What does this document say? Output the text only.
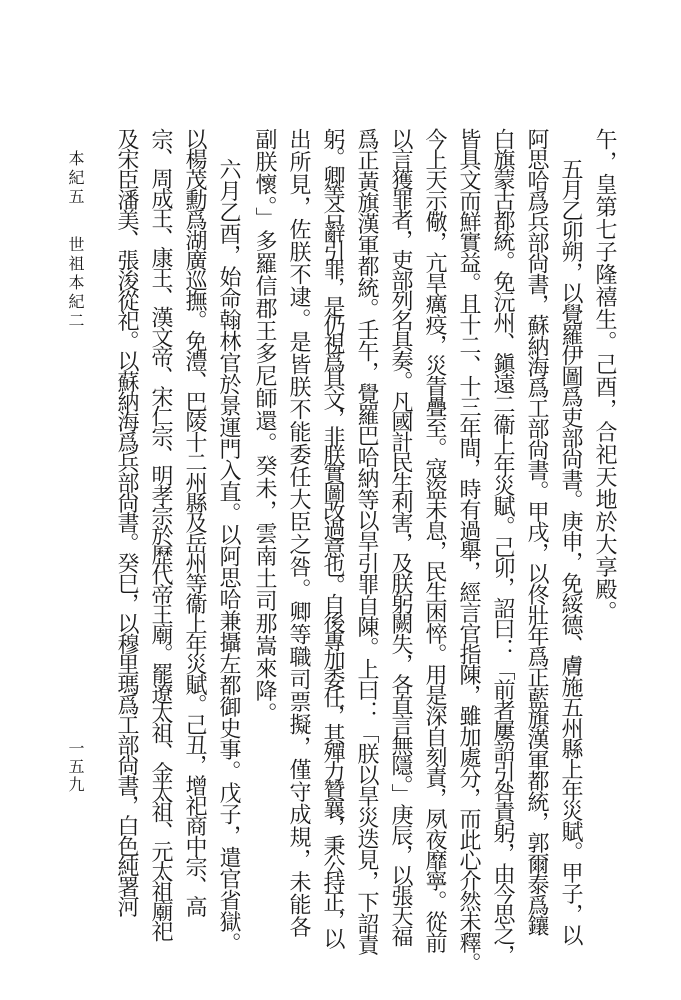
午，皇第七子隆禧生。己酉，合祀天地於大享殿。
五月乙卯朔，以覺羅伊圖爲吏部尙書。庚申，免綏德、膚施五州縣上年災賦。甲子，以
阿思哈爲兵部尙書，蘇納海爲工部尙書。甲戌，以佟壯年爲正藍旗漢軍都統，郭爾泰爲鑲
白旗蒙古都統。免沅州、鎭遠二衞上年災賦。己卯，詔曰：「前者屢詔引咎責躬，由今思之，
皆具文而鮮實益。且十二、十三年間，時有過舉，經言官指陳，雖加處分，而此心介然未釋。
今上天示儆，亢旱癘疫，災眚疊至。寇盜未息，民生困悴。用是深自刻責，夙夜靡寧。從前
以言獲罪者，吏部列名具奏。凡國計民生利害，及朕躬闕失，各直言無隱。」庚辰，以張天福
爲正黃旗漢軍都統。壬午，覺羅巴哈納等以旱引罪自陳。上曰：「朕以旱災迭見，下詔責
躬。卿等合辭引罪，是仍視爲具文，非朕實圖改過意也。自後專加委任，其殫力贊襄，秉公持正，以
出所見，佐朕不逮。是皆朕不能委任大臣之咎。卿等職司票擬，僅守成規，未能各
副朕懷。」多羅信郡王多尼師還。癸未，雲南土司那嵩來降。
六月乙酉，始命翰林官於景運門入直。以阿思哈兼攝左都御史事。戊子，遣官省獄。
以楊茂勳爲湖廣巡撫。免澧、巴陵十二州縣及岳州等衞上年災賦。己丑，增祀商中宗、高
宗、周成王、康王、漢文帝、宋仁宗、明孝宗於歷代帝王廟。罷遼太祖、金太祖、元太祖廟祀
及宋臣潘美、張浚從祀。以蘇納海爲兵部尙書。癸巳，以穆里瑪爲工部尙書，白色純署河
本紀五
世祖本紀二
一五九
